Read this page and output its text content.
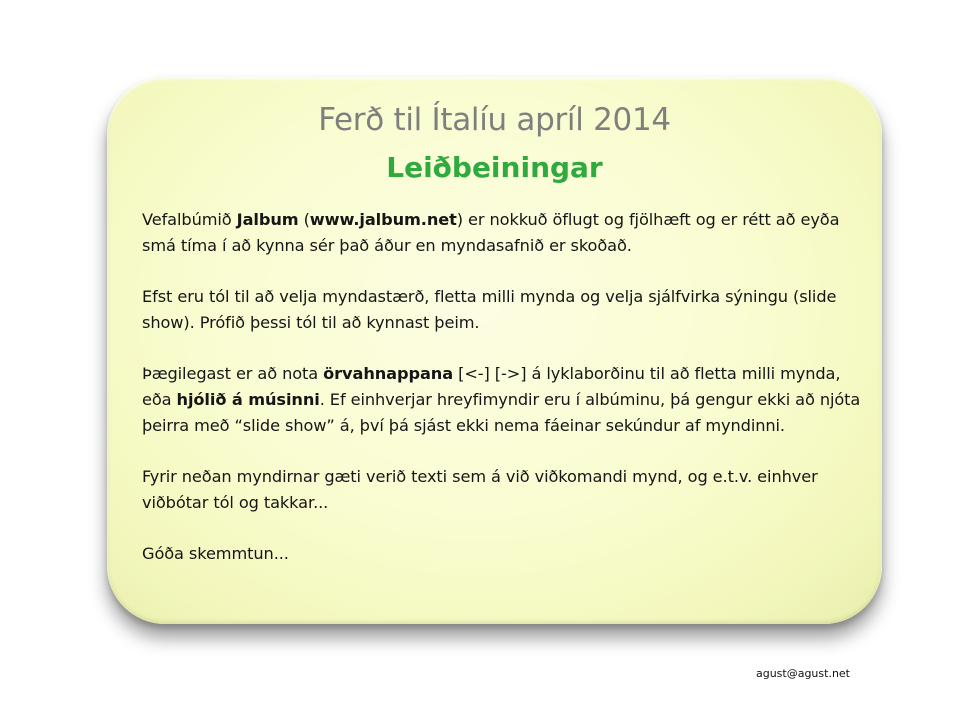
Ferð til Ítalíu apríl 2014
Leiðbeiningar

Vefalbúmið Jalbum (www.jalbum.net) er nokkuð öflugt og fjölhæft og er rétt að eyða smá tíma í að kynna sér það áður en myndasafnið er skoðað.

Efst eru tól til að velja myndastærð, fletta milli mynda og velja sjálfvirka sýningu (slide show). Prófið þessi tól til að kynnast þeim.

Þægilegast er að nota örvahnappana [<-] [->] á lyklaborðinu til að fletta milli mynda, eða hjólið á músinni. Ef einhverjar hreyfimyndir eru í albúminu, þá gengur ekki að njóta þeirra með “slide show” á, því þá sjást ekki nema fáeinar sekúndur af myndinni.

Fyrir neðan myndirnar gæti verið texti sem á við viðkomandi mynd, og e.t.v. einhver viðbótar tól og takkar...

Góða skemmtun...

agust@agust.net
